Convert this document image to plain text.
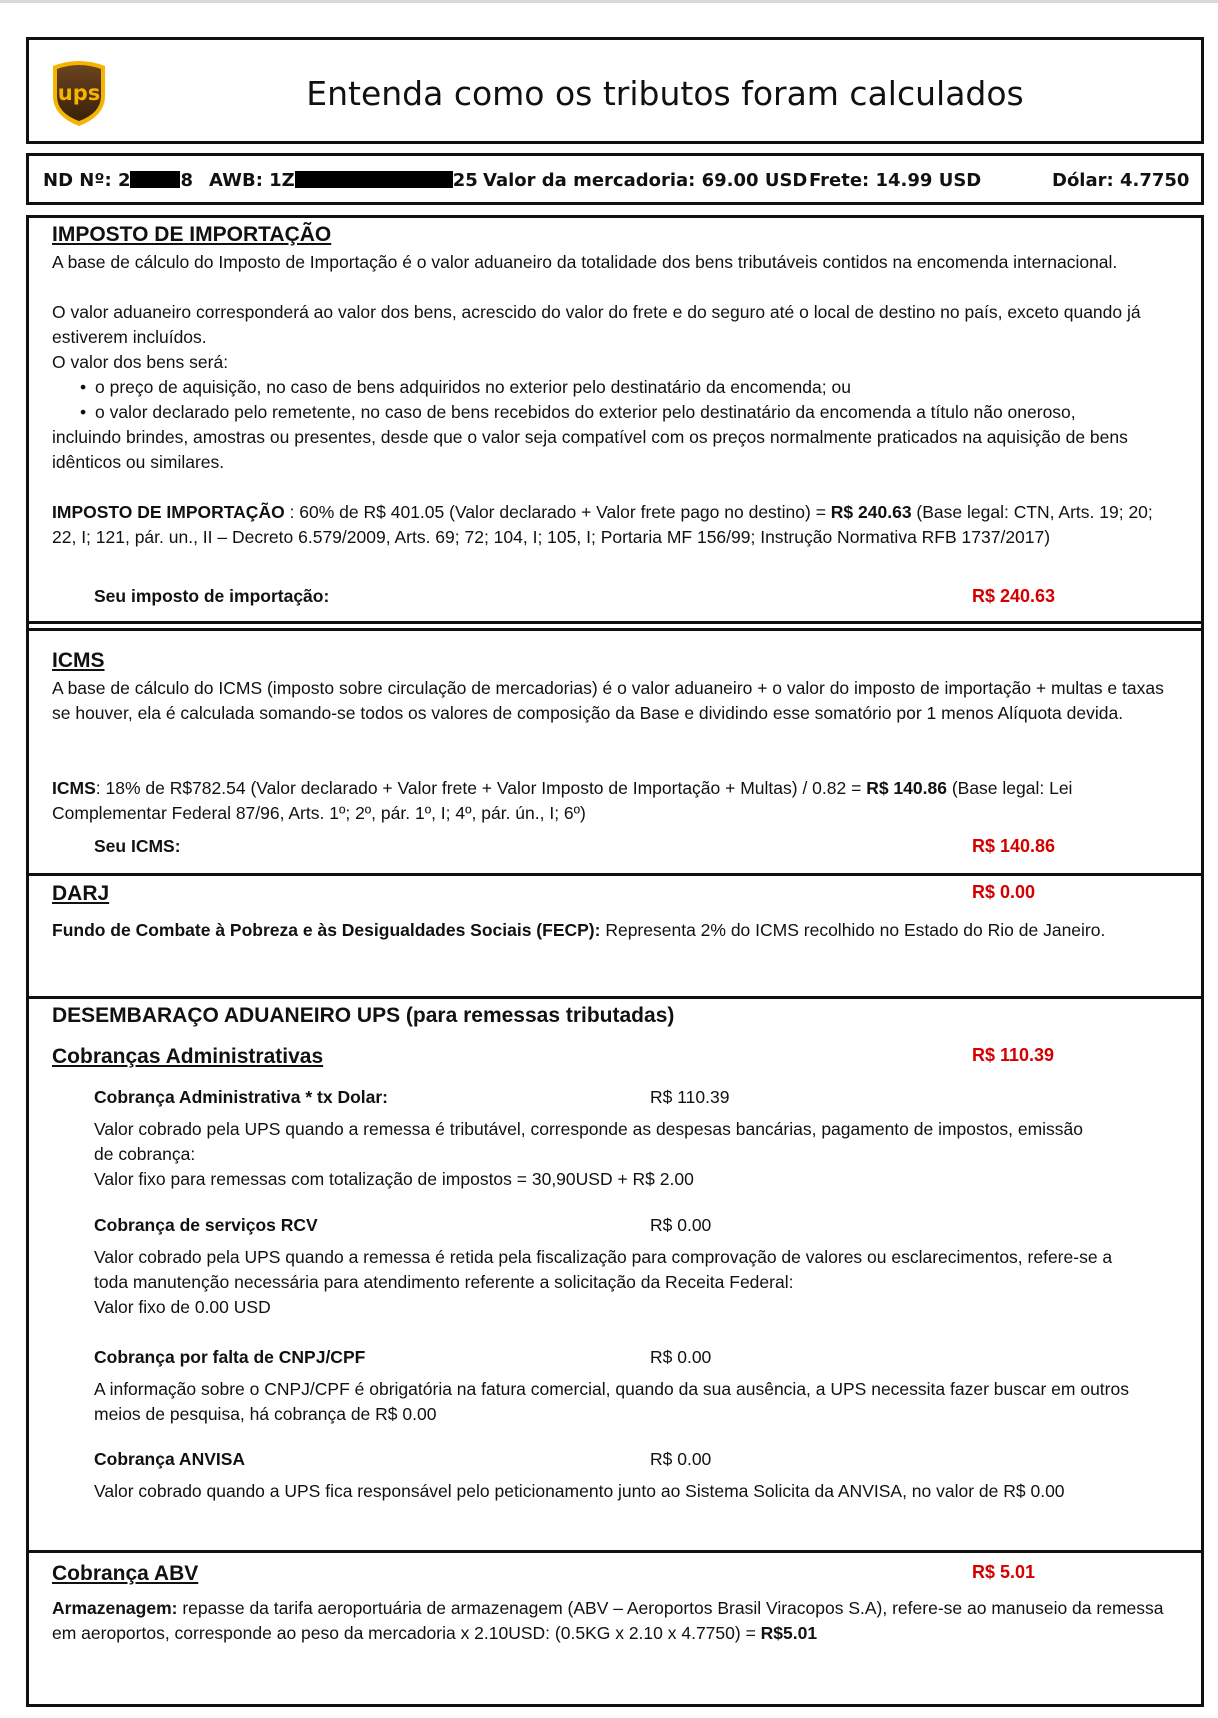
ups	Entenda como os tributos foram calculados
ND Nº: 2	8 AWB: 1Z	25 Valor da mercadoria: 69.00 USD Frete: 14.99 USD	Dólar: 4.7750
IMPOSTO DE IMPORTAÇÃO
A base de cálculo do Imposto de Importação é o valor aduaneiro da totalidade dos bens tributáveis contidos na encomenda internacional.
O valor aduaneiro corresponderá ao valor dos bens, acrescido do valor do frete e do seguro até o local de destino no país, exceto quando já estiverem incluídos.
O valor dos bens será:
• o preço de aquisição, no caso de bens adquiridos no exterior pelo destinatário da encomenda; ou
• o valor declarado pelo remetente, no caso de bens recebidos do exterior pelo destinatário da encomenda a título não oneroso,
incluindo brindes, amostras ou presentes, desde que o valor seja compatível com os preços normalmente praticados na aquisição de bens idênticos ou similares.
IMPOSTO DE IMPORTAÇÃO : 60% de R$ 401.05 (Valor declarado + Valor frete pago no destino) = R$ 240.63 (Base legal: CTN, Arts. 19; 20; 22, I; 121, pár. un., II – Decreto 6.579/2009, Arts. 69; 72; 104, I; 105, I; Portaria MF 156/99; Instrução Normativa RFB 1737/2017)
Seu imposto de importação:	R$ 240.63
ICMS
A base de cálculo do ICMS (imposto sobre circulação de mercadorias) é o valor aduaneiro + o valor do imposto de importação + multas e taxas se houver, ela é calculada somando-se todos os valores de composição da Base e dividindo esse somatório por 1 menos Alíquota devida.
ICMS: 18% de R$782.54 (Valor declarado + Valor frete + Valor Imposto de Importação + Multas) / 0.82 = R$ 140.86 (Base legal: Lei Complementar Federal 87/96, Arts. 1º; 2º, pár. 1º, I; 4º, pár. ún., I; 6º)
Seu ICMS:	R$ 140.86
DARJ	R$ 0.00
Fundo de Combate à Pobreza e às Desigualdades Sociais (FECP): Representa 2% do ICMS recolhido no Estado do Rio de Janeiro.
DESEMBARAÇO ADUANEIRO UPS (para remessas tributadas)
Cobranças Administrativas	R$ 110.39
Cobrança Administrativa * tx Dolar:	R$ 110.39
Valor cobrado pela UPS quando a remessa é tributável, corresponde as despesas bancárias, pagamento de impostos, emissão de cobrança:
Valor fixo para remessas com totalização de impostos = 30,90USD + R$ 2.00
Cobrança de serviços RCV	R$ 0.00
Valor cobrado pela UPS quando a remessa é retida pela fiscalização para comprovação de valores ou esclarecimentos, refere-se a toda manutenção necessária para atendimento referente a solicitação da Receita Federal:
Valor fixo de 0.00 USD
Cobrança por falta de CNPJ/CPF	R$ 0.00
A informação sobre o CNPJ/CPF é obrigatória na fatura comercial, quando da sua ausência, a UPS necessita fazer buscar em outros meios de pesquisa, há cobrança de R$ 0.00
Cobrança ANVISA	R$ 0.00
Valor cobrado quando a UPS fica responsável pelo peticionamento junto ao Sistema Solicita da ANVISA, no valor de R$ 0.00
Cobrança ABV	R$ 5.01
Armazenagem: repasse da tarifa aeroportuária de armazenagem (ABV – Aeroportos Brasil Viracopos S.A), refere-se ao manuseio da remessa em aeroportos, corresponde ao peso da mercadoria x 2.10USD: (0.5KG x 2.10 x 4.7750) = R$5.01
